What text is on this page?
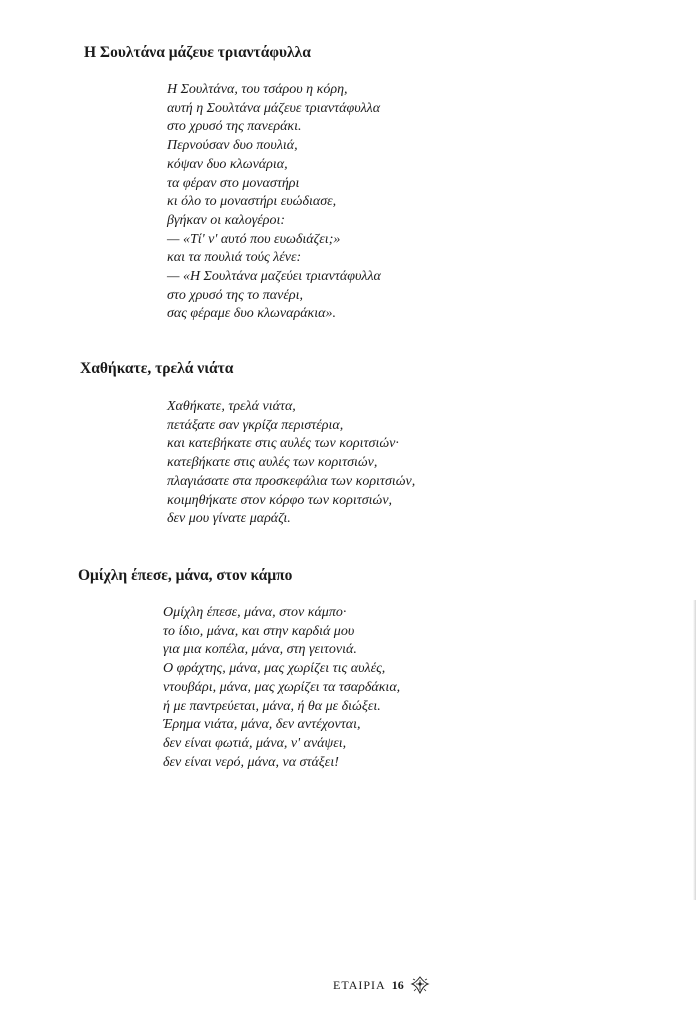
Η Σουλτάνα μάζευε τριαντάφυλλα
Η Σουλτάνα, του τσάρου η κόρη,
αυτή η Σουλτάνα μάζευε τριαντάφυλλα
στο χρυσό της πανεράκι.
Περνούσαν δυο πουλιά,
κόψαν δυο κλωνάρια,
τα φέραν στο μοναστήρι
κι όλο το μοναστήρι ευώδιασε,
βγήκαν οι καλογέροι:
— «Τί' ν' αυτό που ευωδιάζει;»
και τα πουλιά τούς λένε:
— «Η Σουλτάνα μαζεύει τριαντάφυλλα
στο χρυσό της το πανέρι,
σας φέραμε δυο κλωναράκια».
Χαθήκατε, τρελά νιάτα
Χαθήκατε, τρελά νιάτα,
πετάξατε σαν γκρίζα περιστέρια,
και κατεβήκατε στις αυλές των κοριτσιών·
κατεβήκατε στις αυλές των κοριτσιών,
πλαγιάσατε στα προσκεφάλια των κοριτσιών,
κοιμηθήκατε στον κόρφο των κοριτσιών,
δεν μου γίνατε μαράζι.
Ομίχλη έπεσε, μάνα, στον κάμπο
Ομίχλη έπεσε, μάνα, στον κάμπο·
το ίδιο, μάνα, και στην καρδιά μου
για μια κοπέλα, μάνα, στη γειτονιά.
Ο φράχτης, μάνα, μας χωρίζει τις αυλές,
ντουβάρι, μάνα, μας χωρίζει τα τσαρδάκια,
ή με παντρεύεται, μάνα, ή θα με διώξει.
Έρημα νιάτα, μάνα, δεν αντέχονται,
δεν είναι φωτιά, μάνα, ν' ανάψει,
δεν είναι νερό, μάνα, να στάξει!
ΕΤΑΙΡΙΑ 16
